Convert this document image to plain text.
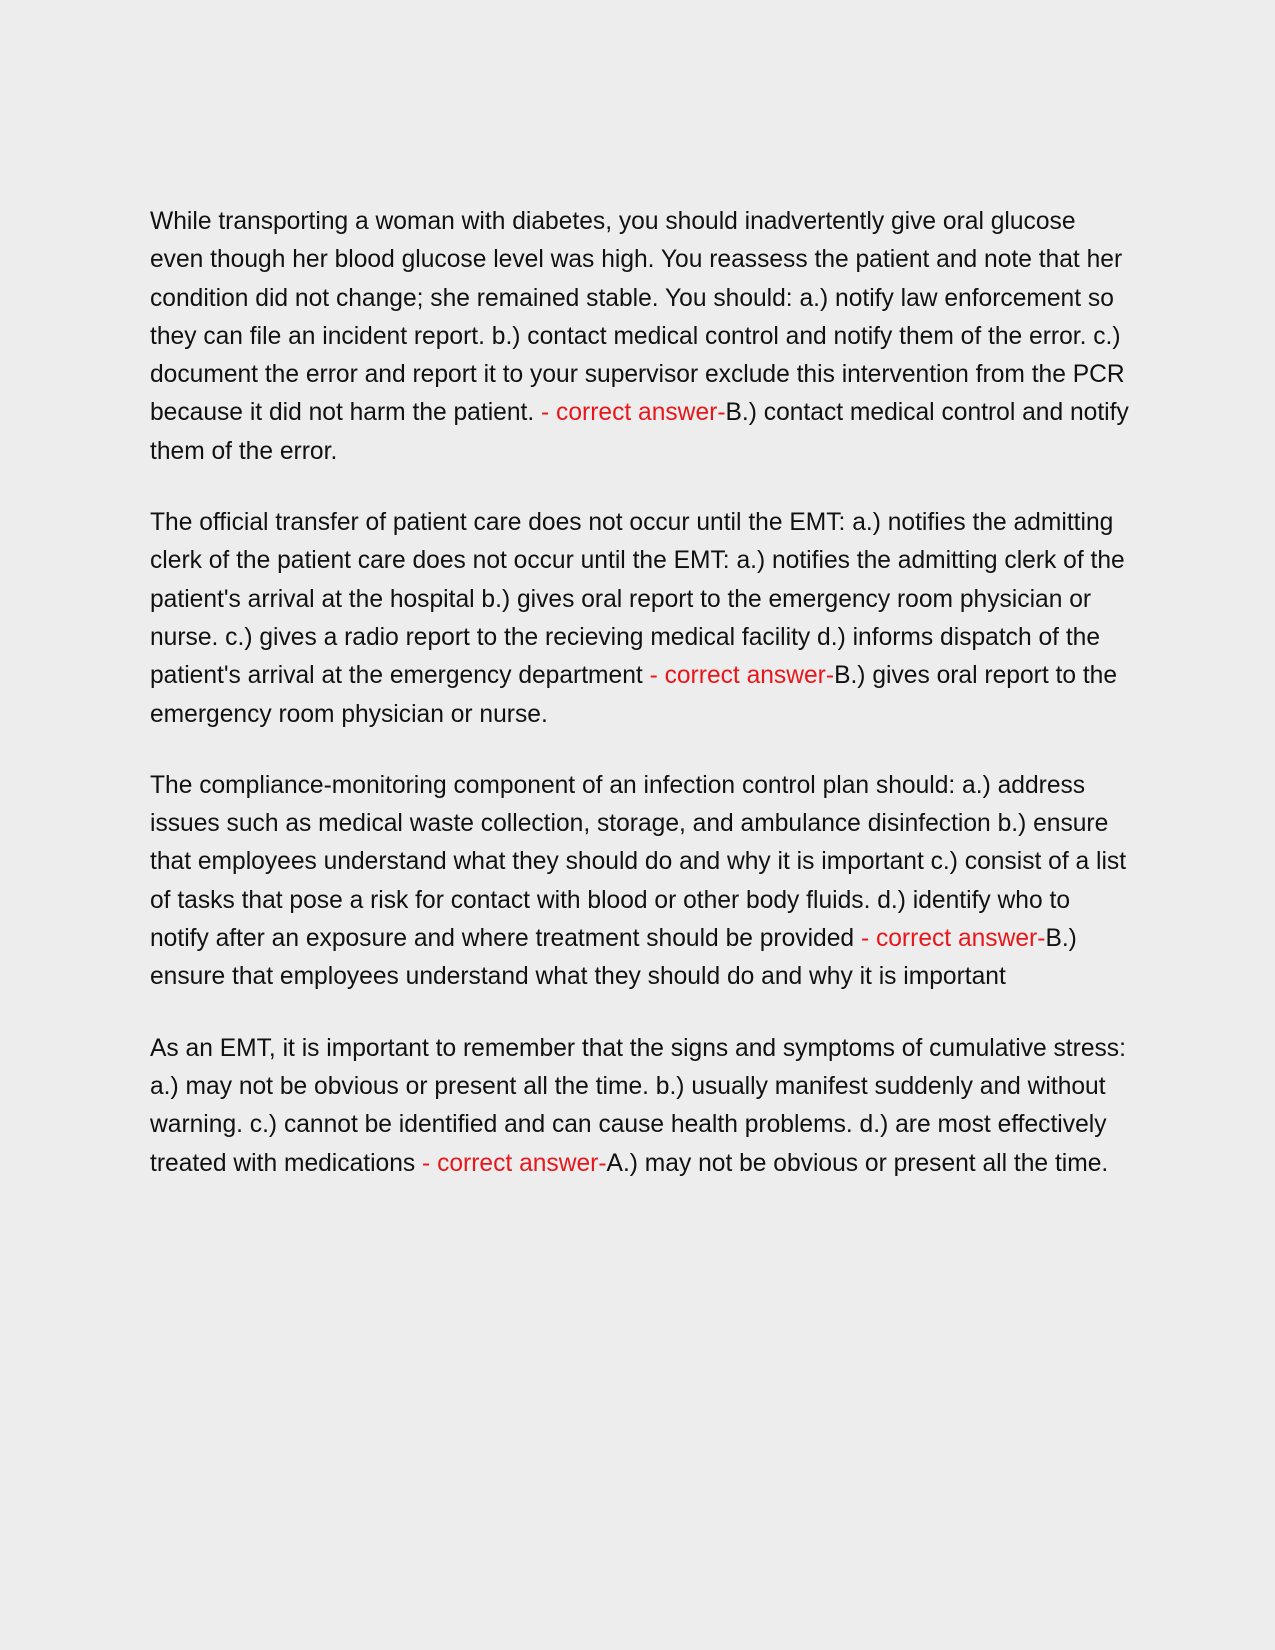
While transporting a woman with diabetes, you should inadvertently give oral glucose even though her blood glucose level was high. You reassess the patient and note that her condition did not change; she remained stable. You should: a.) notify law enforcement so they can file an incident report. b.) contact medical control and notify them of the error. c.) document the error and report it to your supervisor exclude this intervention from the PCR because it did not harm the patient. - correct answer-B.) contact medical control and notify them of the error.

The official transfer of patient care does not occur until the EMT: a.) notifies the admitting clerk of the patient care does not occur until the EMT: a.) notifies the admitting clerk of the patient's arrival at the hospital b.) gives oral report to the emergency room physician or nurse. c.) gives a radio report to the recieving medical facility d.) informs dispatch of the patient's arrival at the emergency department - correct answer-B.) gives oral report to the emergency room physician or nurse.

The compliance-monitoring component of an infection control plan should: a.) address issues such as medical waste collection, storage, and ambulance disinfection b.) ensure that employees understand what they should do and why it is important c.) consist of a list of tasks that pose a risk for contact with blood or other body fluids. d.) identify who to notify after an exposure and where treatment should be provided - correct answer-B.) ensure that employees understand what they should do and why it is important

As an EMT, it is important to remember that the signs and symptoms of cumulative stress: a.) may not be obvious or present all the time. b.) usually manifest suddenly and without warning. c.) cannot be identified and can cause health problems. d.) are most effectively treated with medications - correct answer-A.) may not be obvious or present all the time.
